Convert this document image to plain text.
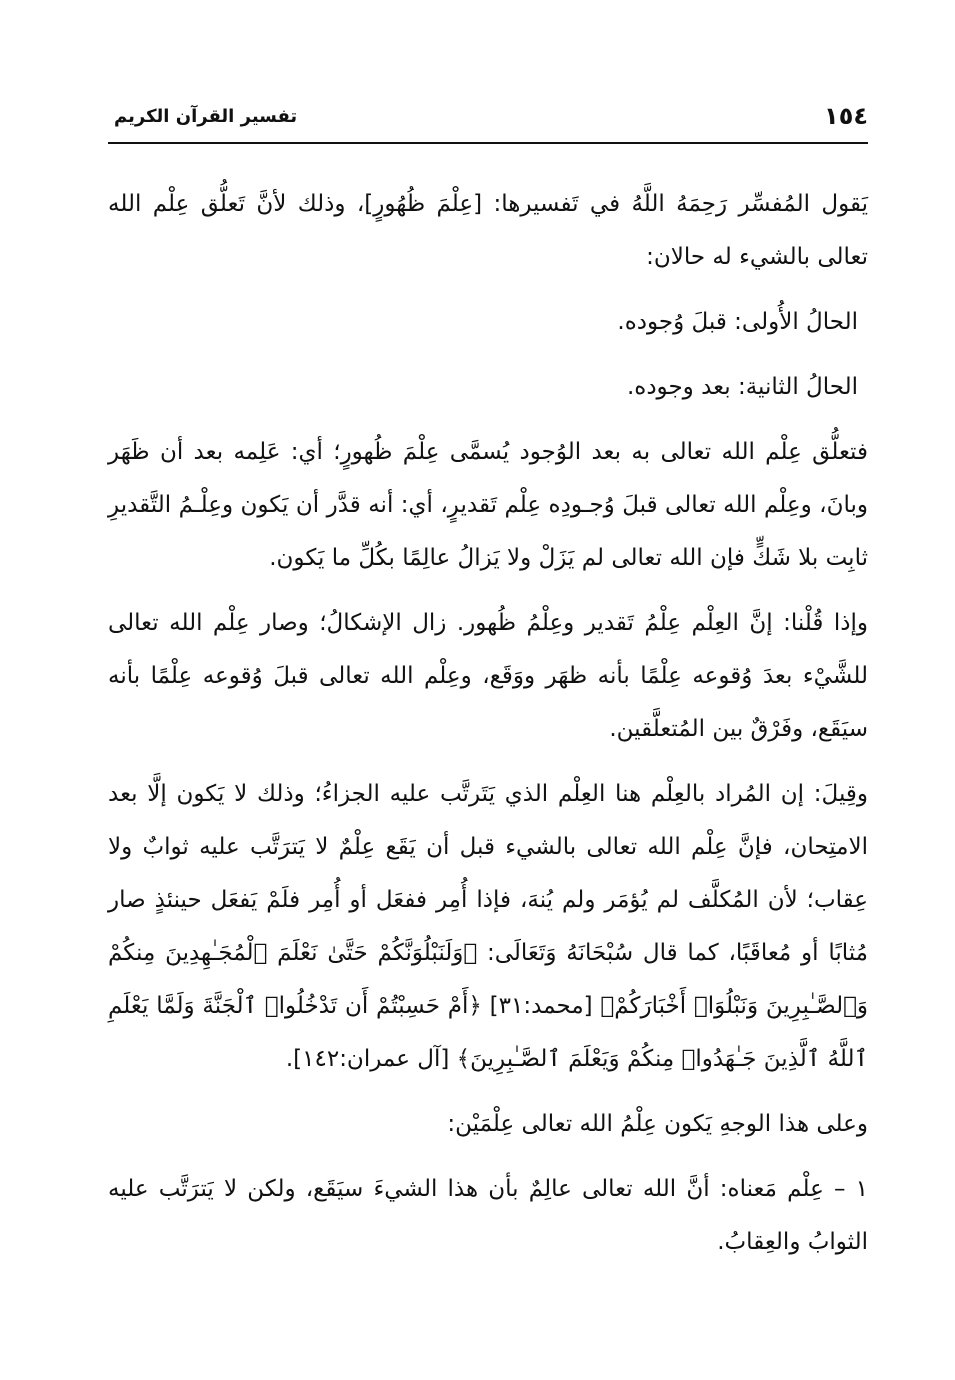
١٥٤
تفسير القرآن الكريم

يَقول المُفسِّر رَحِمَهُ اللَّهُ في تَفسيرها: [عِلْمَ ظُهُورٍ]، وذلك لأنَّ تَعلُّق عِلْم الله تعالى بالشيء له حالان:

الحالُ الأُولى: قبلَ وُجوده.

الحالُ الثانية: بعد وجوده.

فتعلُّق عِلْم الله تعالى به بعد الوُجود يُسمَّى عِلْمَ ظُهورٍ؛ أي: عَلِمه بعد أن ظَهَر وبانَ، وعِلْم الله تعالى قبلَ وُجـودِه عِلْم تَقديرٍ، أي: أنه قدَّر أن يَكون وعِلْـمُ التَّقديرِ ثابِت بلا شَكٍّ فإن الله تعالى لم يَزَلْ ولا يَزالُ عالِمًا بكُلِّ ما يَكون.

وإذا قُلْنا: إنَّ العِلْم عِلْمُ تَقدير وعِلْمُ ظُهور. زال الإشكالُ؛ وصار عِلْم الله تعالى للشَّيْء بعدَ وُقوعه عِلْمًا بأنه ظهَر ووَقَع، وعِلْم الله تعالى قبلَ وُقوعه عِلْمًا بأنه سيَقَع، وفَرْقٌ بين المُتعلَّقين.

وقِيلَ: إن المُراد بالعِلْم هنا العِلْم الذي يَتَرتَّب عليه الجزاءُ؛ وذلك لا يَكون إلَّا بعد الامتِحان، فإنَّ عِلْم الله تعالى بالشيء قبل أن يَقَع عِلْمٌ لا يَترَتَّب عليه ثوابٌ ولا عِقاب؛ لأن المُكلَّف لم يُؤمَر ولم يُنهَ، فإذا أُمِر ففعَل أو أُمِر فلَمْ يَفعَل حينئذٍ صار مُثابًا أو مُعاقَبًا، كما قال سُبْحَانَهُ وَتَعَالَى: ﴿وَلَنَبْلُوَنَّكُمْ حَتَّىٰ نَعْلَمَ ٱلْمُجَـٰهِدِينَ مِنكُمْ وَٱلصَّـٰبِرِينَ وَنَبْلُوَا۟ أَخْبَارَكُمْ﴾ [محمد:٣١] ﴿أَمْ حَسِبْتُمْ أَن تَدْخُلُوا۟ ٱلْجَنَّةَ وَلَمَّا يَعْلَمِ ٱللَّهُ ٱلَّذِينَ جَـٰهَدُوا۟ مِنكُمْ وَيَعْلَمَ ٱلصَّـٰبِرِينَ﴾ [آل عمران:١٤٢].

وعلى هذا الوجهِ يَكون عِلْمُ الله تعالى عِلْمَيْن:

١ – عِلْم مَعناه: أنَّ الله تعالى عالِمٌ بأن هذا الشيءَ سيَقَع، ولكن لا يَترَتَّب عليه الثوابُ والعِقابُ.
